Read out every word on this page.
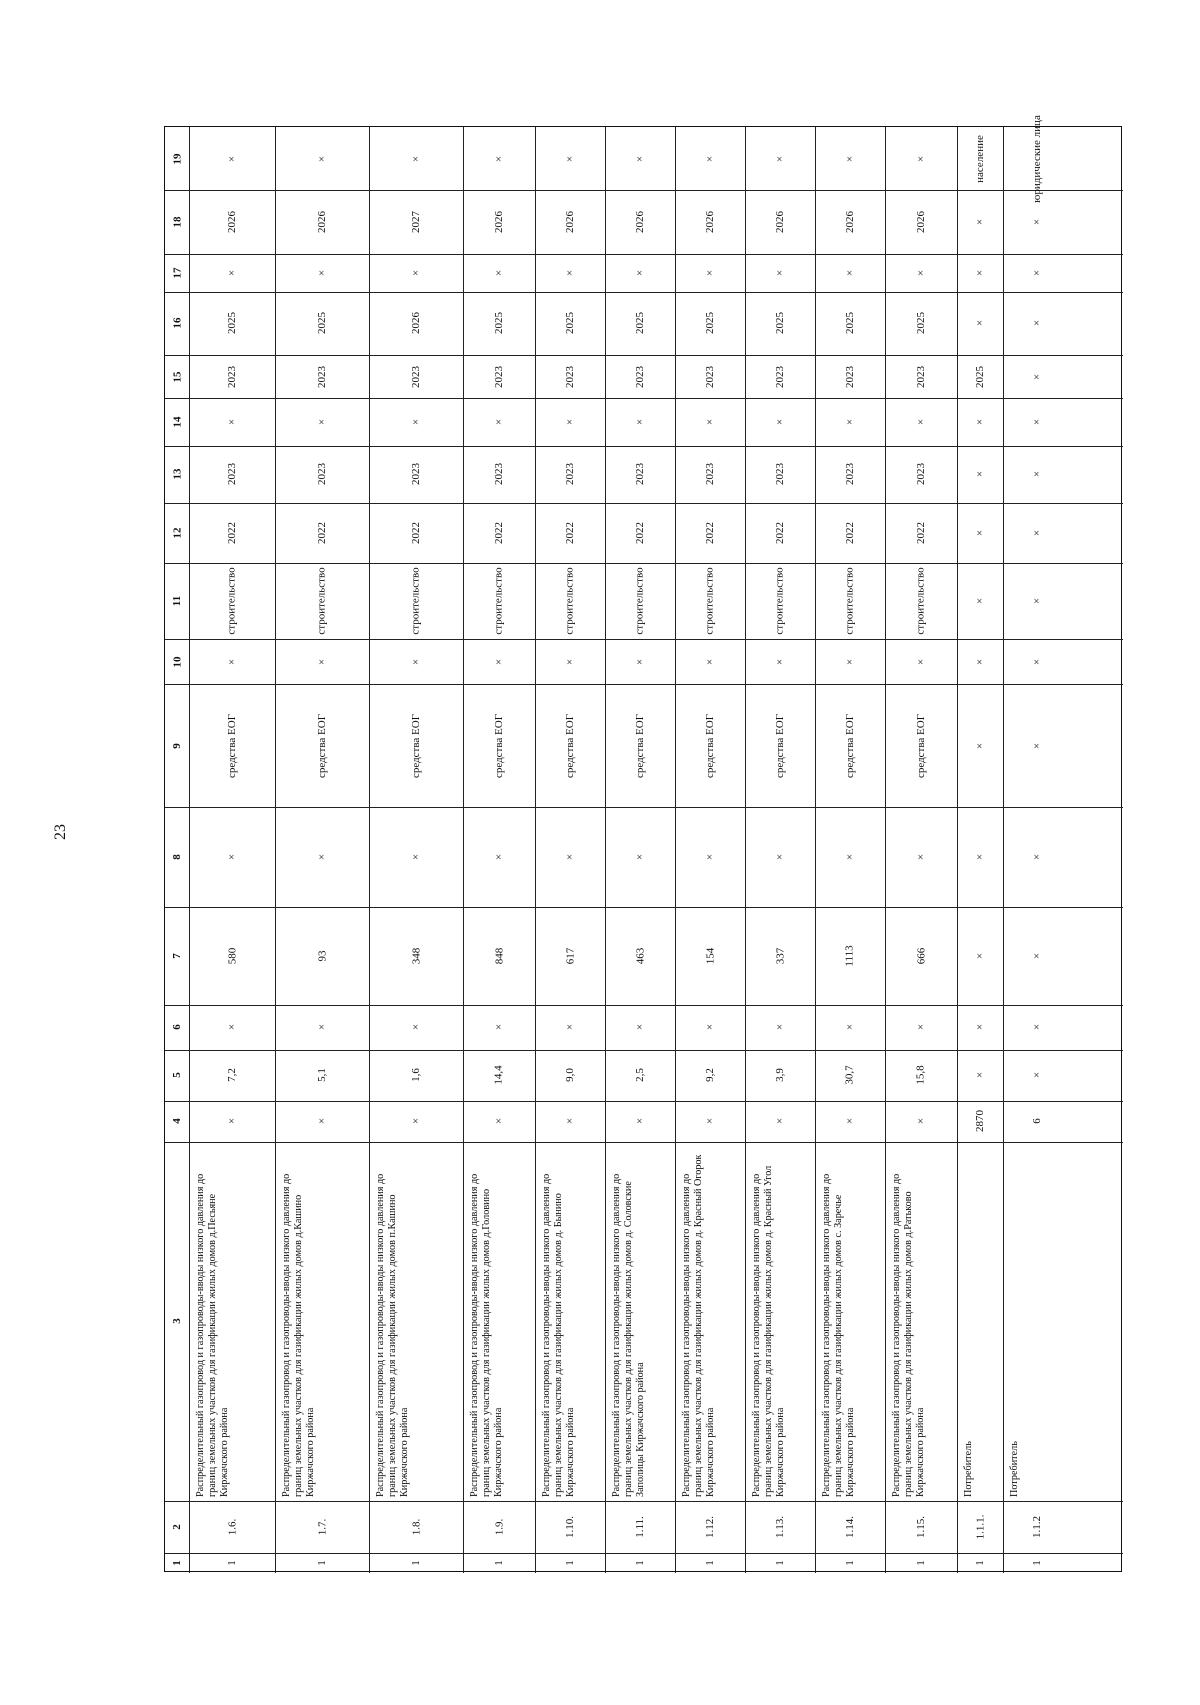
23
1
2
3
4
5
6
7
8
9
10
11
12
13
14
15
16
17
18
19
1
1.6.
Распределительный газопровод и газопроводы-вводы низкого давления до границ земельных участков для газификации жилых домов д.Песьяне Киржачского района
×
7,2
×
580
×
средства ЕОГ
×
строительство
2022
2023
×
2023
2025
×
2026
×
1
1.7.
Распределительный газопровод и газопроводы-вводы низкого давления до границ земельных участков для газификации жилых домов д.Кашино Киржачского района
×
5,1
×
93
×
средства ЕОГ
×
строительство
2022
2023
×
2023
2025
×
2026
×
1
1.8.
Распределительный газопровод и газопроводы-вводы низкого давления до границ земельных участков для газификации жилых домов п.Кашино Киржачского района
×
1,6
×
348
×
средства ЕОГ
×
строительство
2022
2023
×
2023
2026
×
2027
×
1
1.9.
Распределительный газопровод и газопроводы-вводы низкого давления до границ земельных участков для газификации жилых домов д.Головино Киржачского района
×
14,4
×
848
×
средства ЕОГ
×
строительство
2022
2023
×
2023
2025
×
2026
×
1
1.10.
Распределительный газопровод и газопроводы-вводы низкого давления до границ земельных участков для газификации жилых домов д. Бынино Киржачского района
×
9,0
×
617
×
средства ЕОГ
×
строительство
2022
2023
×
2023
2025
×
2026
×
1
1.11.
Распределительный газопровод и газопроводы-вводы низкого давления до границ земельных участков для газификации жилых домов д. Соловские Заполицы Киржачского района
×
2,5
×
463
×
средства ЕОГ
×
строительство
2022
2023
×
2023
2025
×
2026
×
1
1.12.
Распределительный газопровод и газопроводы-вводы низкого давления до границ земельных участков для газификации жилых домов д. Красный Огорок Киржачского района
×
9,2
×
154
×
средства ЕОГ
×
строительство
2022
2023
×
2023
2025
×
2026
×
1
1.13.
Распределительный газопровод и газопроводы-вводы низкого давления до границ земельных участков для газификации жилых домов д. Красный Угол Киржачского района
×
3,9
×
337
×
средства ЕОГ
×
строительство
2022
2023
×
2023
2025
×
2026
×
1
1.14.
Распределительный газопровод и газопроводы-вводы низкого давления до границ земельных участков для газификации жилых домов с. Заречье Киржачского района
×
30,7
×
1113
×
средства ЕОГ
×
строительство
2022
2023
×
2023
2025
×
2026
×
1
1.15.
Распределительный газопровод и газопроводы-вводы низкого давления до границ земельных участков для газификации жилых домов д.Ратьково Киржачского района
×
15,8
×
666
×
средства ЕОГ
×
строительство
2022
2023
×
2023
2025
×
2026
×
1
1.1.1.
Потребитель
2870
×
×
×
×
×
×
×
×
×
×
2025
×
×
×
население
1
1.1.2
Потребитель
6
×
×
×
×
×
×
×
×
×
×
×
×
×
×
юридические лица
